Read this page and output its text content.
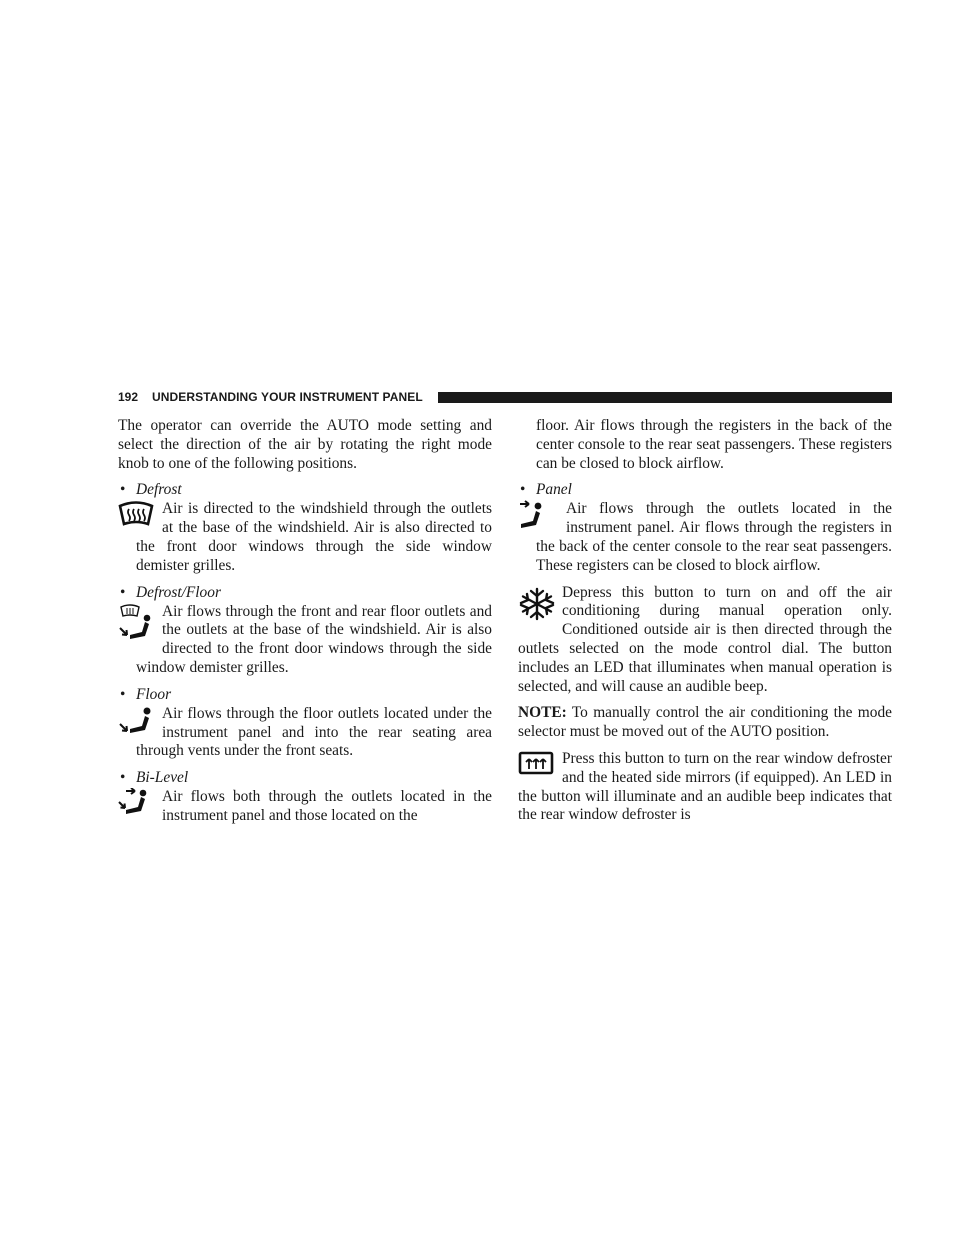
192 UNDERSTANDING YOUR INSTRUMENT PANEL

The operator can override the AUTO mode setting and select the direction of the air by rotating the right mode knob to one of the following positions.

• Defrost

Air is directed to the windshield through the outlets at the base of the windshield. Air is also directed to the front door windows through the side window demister grilles.

• Defrost/Floor

Air flows through the front and rear floor outlets and the outlets at the base of the windshield. Air is also directed to the front door windows through the side window demister grilles.

• Floor

Air flows through the floor outlets located under the instrument panel and into the rear seating area through vents under the front seats.

• Bi-Level

Air flows both through the outlets located in the instrument panel and those located on the

floor. Air flows through the registers in the back of the center console to the rear seat passengers. These registers can be closed to block airflow.

• Panel

Air flows through the outlets located in the instrument panel. Air flows through the registers in the back of the center console to the rear seat passengers. These registers can be closed to block airflow.

Depress this button to turn on and off the air conditioning during manual operation only. Conditioned outside air is then directed through the outlets selected on the mode control dial. The button includes an LED that illuminates when manual operation is selected, and will cause an audible beep.

NOTE: To manually control the air conditioning the mode selector must be moved out of the AUTO position.

Press this button to turn on the rear window defroster and the heated side mirrors (if equipped). An LED in the button will illuminate and an audible beep indicates that the rear window defroster is
